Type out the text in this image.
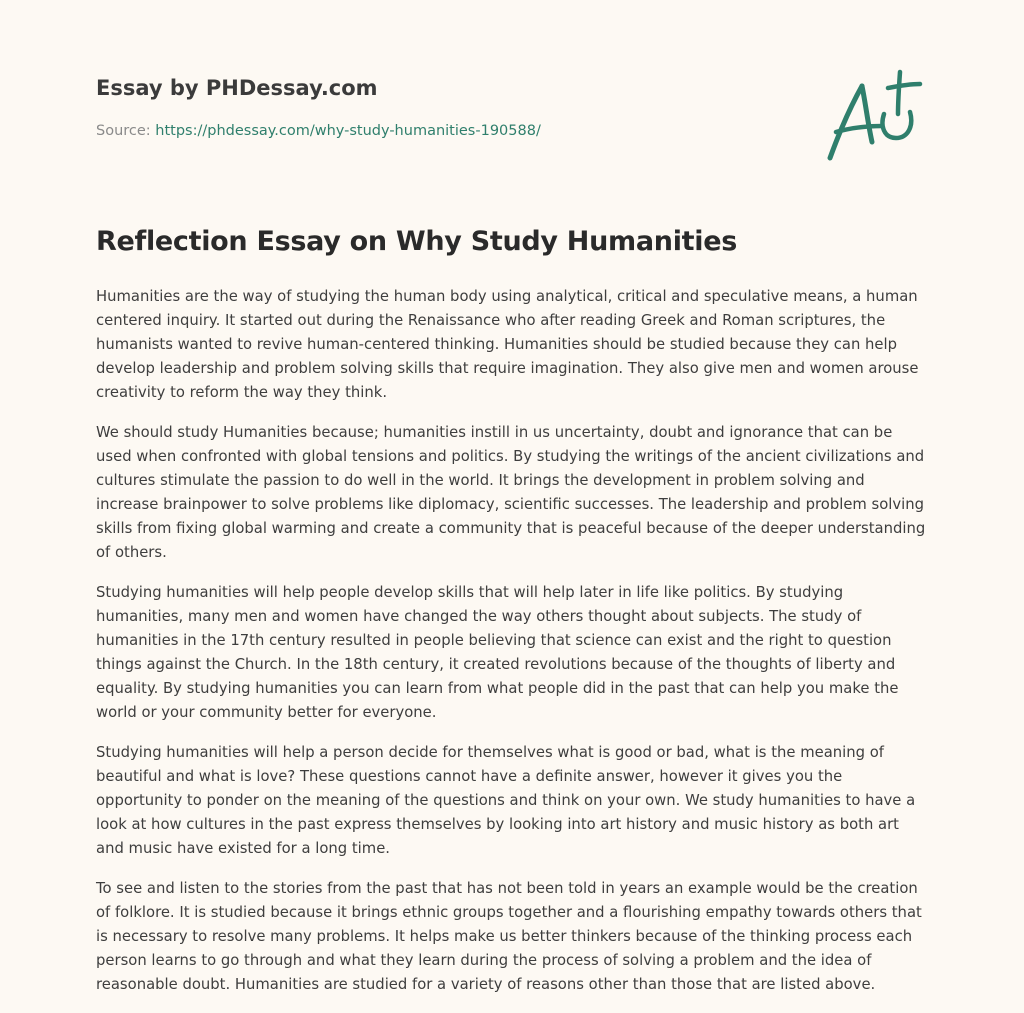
Essay by PHDessay.com
Source: https://phdessay.com/why-study-humanities-190588/
Reflection Essay on Why Study Humanities

Humanities are the way of studying the human body using analytical, critical and speculative means, a human centered inquiry. It started out during the Renaissance who after reading Greek and Roman scriptures, the humanists wanted to revive human-centered thinking. Humanities should be studied because they can help develop leadership and problem solving skills that require imagination. They also give men and women arouse creativity to reform the way they think.

We should study Humanities because; humanities instill in us uncertainty, doubt and ignorance that can be used when confronted with global tensions and politics. By studying the writings of the ancient civilizations and cultures stimulate the passion to do well in the world. It brings the development in problem solving and increase brainpower to solve problems like diplomacy, scientific successes. The leadership and problem solving skills from fixing global warming and create a community that is peaceful because of the deeper understanding of others.

Studying humanities will help people develop skills that will help later in life like politics. By studying humanities, many men and women have changed the way others thought about subjects. The study of humanities in the 17th century resulted in people believing that science can exist and the right to question things against the Church. In the 18th century, it created revolutions because of the thoughts of liberty and equality. By studying humanities you can learn from what people did in the past that can help you make the world or your community better for everyone.

Studying humanities will help a person decide for themselves what is good or bad, what is the meaning of beautiful and what is love? These questions cannot have a definite answer, however it gives you the opportunity to ponder on the meaning of the questions and think on your own. We study humanities to have a look at how cultures in the past express themselves by looking into art history and music history as both art and music have existed for a long time.

To see and listen to the stories from the past that has not been told in years an example would be the creation of folklore. It is studied because it brings ethnic groups together and a flourishing empathy towards others that is necessary to resolve many problems. It helps make us better thinkers because of the thinking process each person learns to go through and what they learn during the process of solving a problem and the idea of reasonable doubt. Humanities are studied for a variety of reasons other than those that are listed above.
